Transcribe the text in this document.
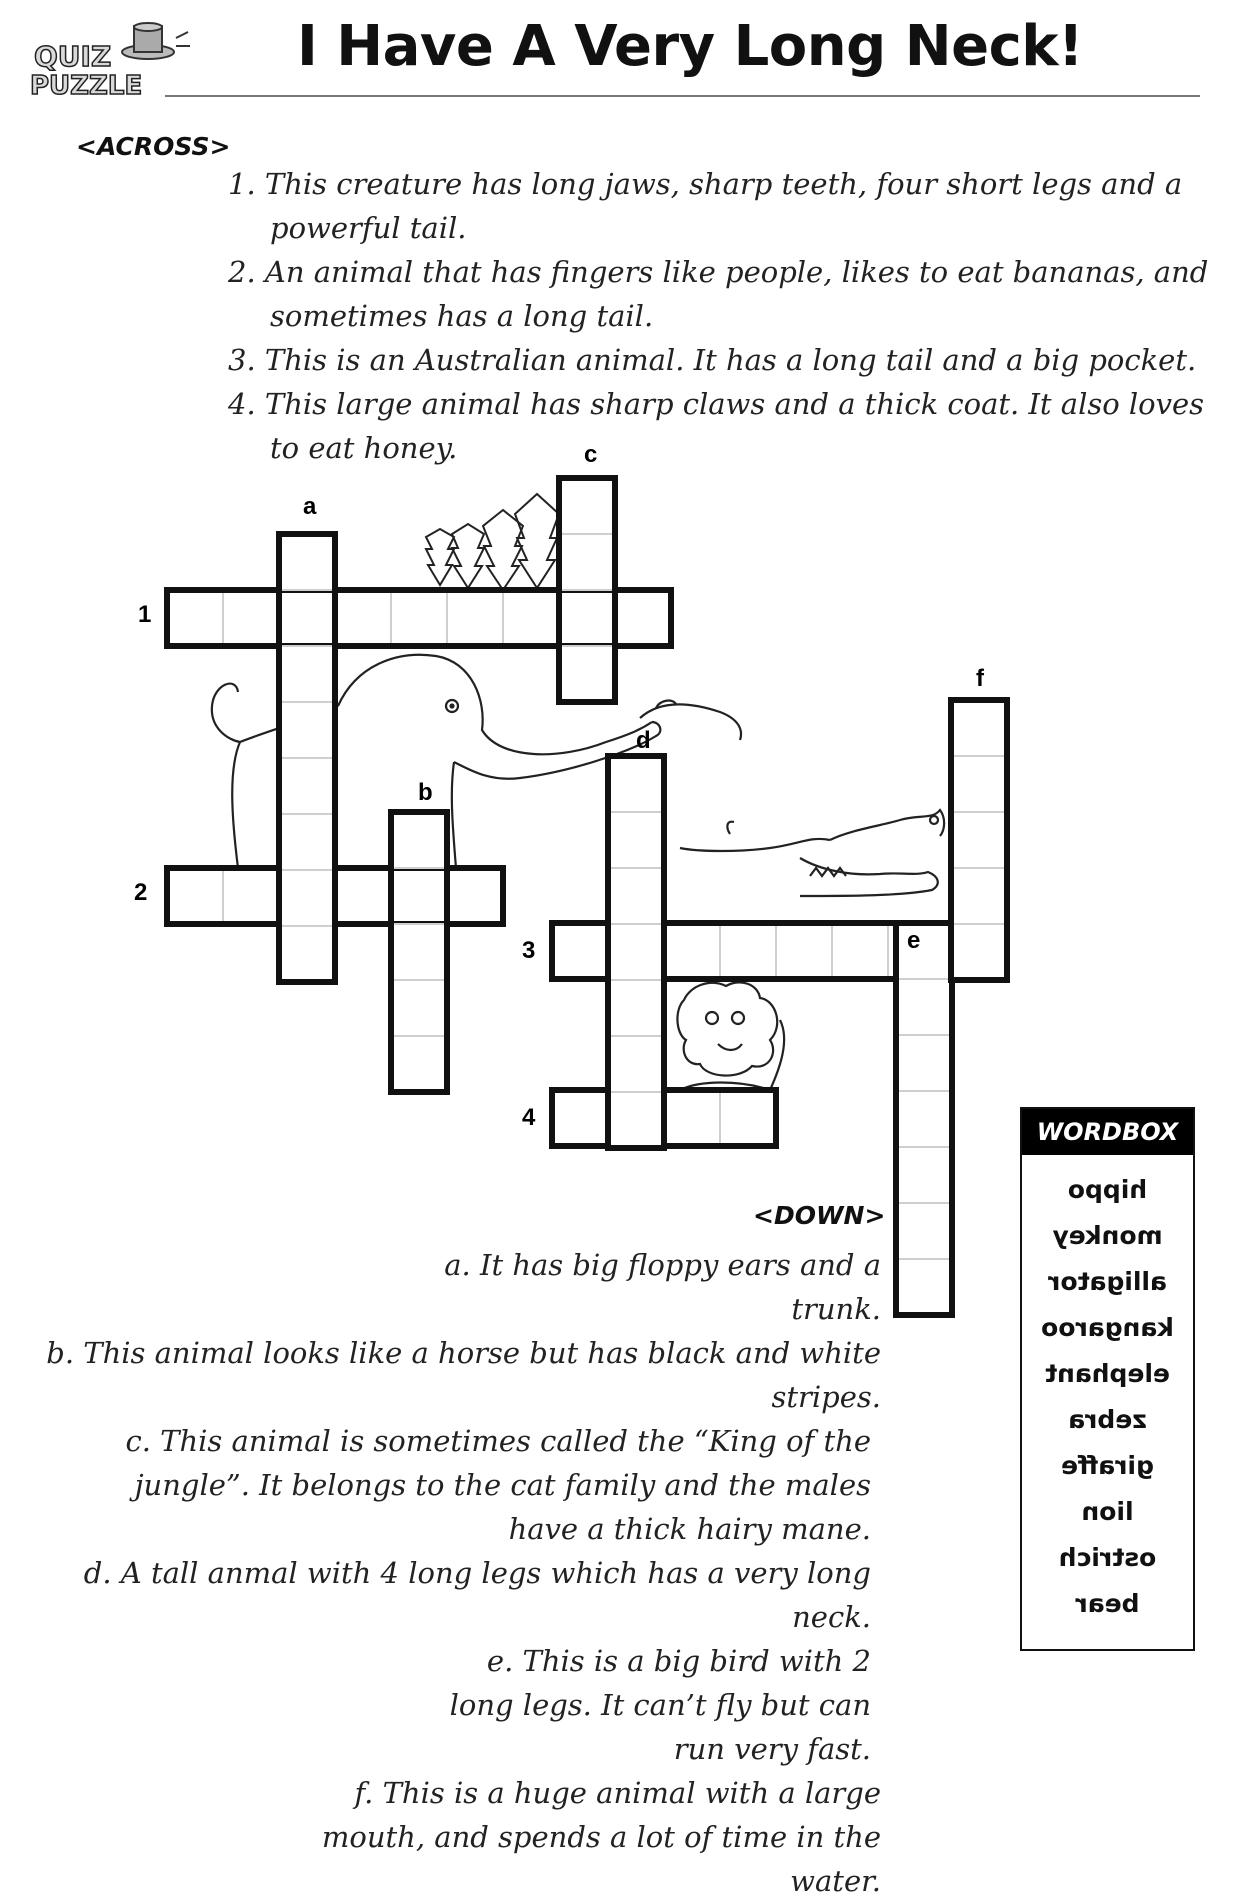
QUIZ
PUZZLE
I Have A Very Long Neck!
<ACROSS>
1. This creature has long jaws, sharp teeth, four short legs and a powerful tail.
2. An animal that has fingers like people, likes to eat bananas, and sometimes has a long tail.
3. This is an Australian animal. It has a long tail and a big pocket.
4. This large animal has sharp claws and a thick coat. It also loves to eat honey.
1
2
3
4
a
b
c
d
e
f
<DOWN>
a. It has big floppy ears and a trunk.
b. This animal looks like a horse but has black and white stripes.
c. This animal is sometimes called the “King of the jungle”. It belongs to the cat family and the males have a thick hairy mane.
d. A tall anmal with 4 long legs which has a very long neck.
e. This is a big bird with 2 long legs. It can’t fly but can run very fast.
f. This is a huge animal with a large mouth, and spends a lot of time in the water.
WORDBOX
hippo
monkey
alligator
kangaroo
elephant
zebra
giraffe
lion
ostrich
bear
